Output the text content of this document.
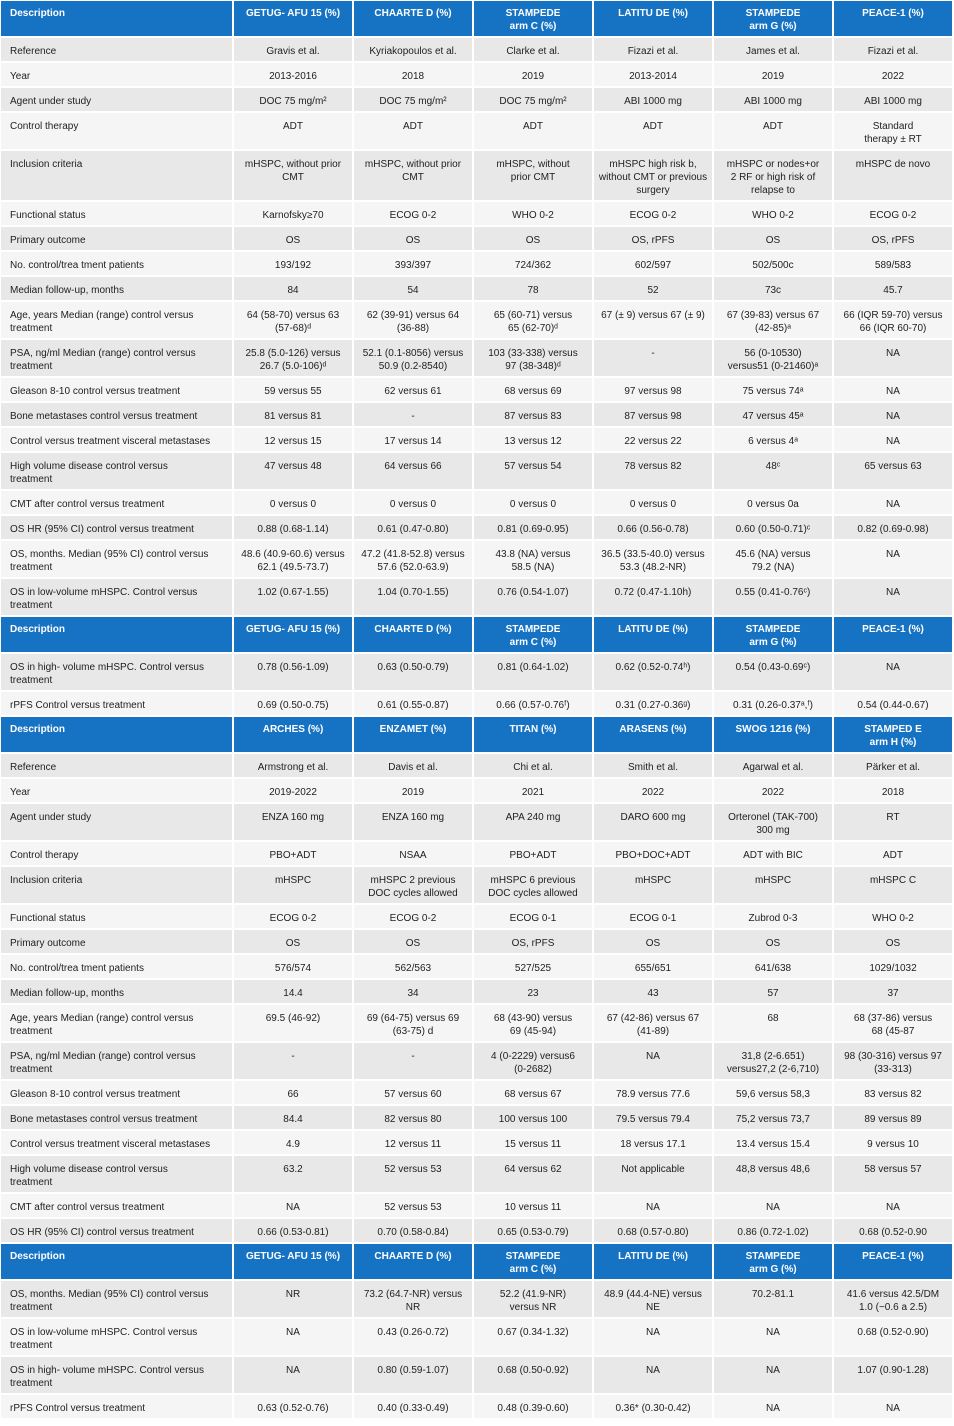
Description	GETUG- AFU 15 (%)	CHAARTE D (%)	STAMPEDE
arm C (%)	LATITU DE (%)	STAMPEDE
arm G (%)	PEACE-1 (%)
Reference	Gravis et al.	Kyriakopoulos et al.	Clarke et al.	Fizazi et al.	James et al.	Fizazi et al.
Year	2013-2016	2018	2019	2013-2014	2019	2022
Agent under study	DOC 75 mg/m²	DOC 75 mg/m²	DOC 75 mg/m²	ABI 1000 mg	ABI 1000 mg	ABI 1000 mg
Control therapy	ADT	ADT	ADT	ADT	ADT	Standard
therapy ± RT
Inclusion criteria	mHSPC, without prior
CMT	mHSPC, without prior
CMT	mHSPC, without
prior CMT	mHSPC high risk b,
without CMT or previous
surgery	mHSPC or nodes+or
2 RF or high risk of
relapse to	mHSPC de novo
Functional status	Karnofsky≥70	ECOG 0-2	WHO 0-2	ECOG 0-2	WHO 0-2	ECOG 0-2
Primary outcome	OS	OS	OS	OS, rPFS	OS	OS, rPFS
No. control/trea tment patients	193/192	393/397	724/362	602/597	502/500c	589/583
Median follow-up, months	84	54	78	52	73c	45.7
Age, years Median (range) control versus
treatment	64 (58-70) versus 63
(57-68)ᵈ	62 (39-91) versus 64
(36-88)	65 (60-71) versus
65 (62-70)ᵈ	67 (± 9) versus 67 (± 9)	67 (39-83) versus 67
(42-85)ᵃ	66 (IQR 59-70) versus
66 (IQR 60-70)
PSA, ng/ml Median (range) control versus
treatment	25.8 (5.0-126) versus
26.7 (5.0-106)ᵈ	52.1 (0.1-8056) versus
50.9 (0.2-8540)	103 (33-338) versus
97 (38-348)ᵈ	-	56 (0-10530)
versus51 (0-21460)ᵃ	NA
Gleason 8-10 control versus treatment	59 versus 55	62 versus 61	68 versus 69	97 versus 98	75 versus 74ᵃ	NA
Bone metastases control versus treatment	81 versus 81	-	87 versus 83	87 versus 98	47 versus 45ᵃ	NA
Control versus treatment visceral metastases	12 versus 15	17 versus 14	13 versus 12	22 versus 22	6 versus 4ᵃ	NA
High volume disease control versus
treatment	47 versus 48	64 versus 66	57 versus 54	78 versus 82	48ᶜ	65 versus 63
CMT after control versus treatment	0 versus 0	0 versus 0	0 versus 0	0 versus 0	0 versus 0a	NA
OS HR (95% CI) control versus treatment	0.88 (0.68-1.14)	0.61 (0.47-0.80)	0.81 (0.69-0.95)	0.66 (0.56-0.78)	0.60 (0.50-0.71)ᶜ	0.82 (0.69-0.98)
OS, months. Median (95% CI) control versus
treatment	48.6 (40.9-60.6) versus
62.1 (49.5-73.7)	47.2 (41.8-52.8) versus
57.6 (52.0-63.9)	43.8 (NA) versus
58.5 (NA)	36.5 (33.5-40.0) versus
53.3 (48.2-NR)	45.6 (NA) versus
79.2 (NA)	NA
OS in low-volume mHSPC. Control versus
treatment	1.02 (0.67-1.55)	1.04 (0.70-1.55)	0.76 (0.54-1.07)	0.72 (0.47-1.10h)	0.55 (0.41-0.76ᶜ)	NA
Description	GETUG- AFU 15 (%)	CHAARTE D (%)	STAMPEDE
arm C (%)	LATITU DE (%)	STAMPEDE
arm G (%)	PEACE-1 (%)
OS in high- volume mHSPC. Control versus
treatment	0.78 (0.56-1.09)	0.63 (0.50-0.79)	0.81 (0.64-1.02)	0.62 (0.52-0.74ʰ)	0.54 (0.43-0.69ᶜ)	NA
rPFS Control versus treatment	0.69 (0.50-0.75)	0.61 (0.55-0.87)	0.66 (0.57-0.76ᶠ)	0.31 (0.27-0.36ᵍ)	0.31 (0.26-0.37ᵃ,ᶠ)	0.54 (0.44-0.67)
Description	ARCHES (%)	ENZAMET (%)	TITAN (%)	ARASENS (%)	SWOG 1216 (%)	STAMPED E
arm H (%)
Reference	Armstrong et al.	Davis et al.	Chi et al.	Smith et al.	Agarwal et al.	Pärker et al.
Year	2019-2022	2019	2021	2022	2022	2018
Agent under study	ENZA 160 mg	ENZA 160 mg	APA 240 mg	DARO 600 mg	Orteronel (TAK-700)
300 mg	RT
Control therapy	PBO+ADT	NSAA	PBO+ADT	PBO+DOC+ADT	ADT with BIC	ADT
Inclusion criteria	mHSPC	mHSPC 2 previous
DOC cycles allowed	mHSPC 6 previous
DOC cycles allowed	mHSPC	mHSPC	mHSPC C
Functional status	ECOG 0-2	ECOG 0-2	ECOG 0-1	ECOG 0-1	Zubrod 0-3	WHO 0-2
Primary outcome	OS	OS	OS, rPFS	OS	OS	OS
No. control/trea tment patients	576/574	562/563	527/525	655/651	641/638	1029/1032
Median follow-up, months	14.4	34	23	43	57	37
Age, years Median (range) control versus
treatment	69.5 (46-92)	69 (64-75) versus 69
(63-75) d	68 (43-90) versus
69 (45-94)	67 (42-86) versus 67
(41-89)	68	68 (37-86) versus
68 (45-87
PSA, ng/ml Median (range) control versus
treatment	-	-	4 (0-2229) versus6
(0-2682)	NA	31,8 (2-6.651)
versus27,2 (2-6,710)	98 (30-316) versus 97
(33-313)
Gleason 8-10 control versus treatment	66	57 versus 60	68 versus 67	78.9 versus 77.6	59,6 versus 58,3	83 versus 82
Bone metastases control versus treatment	84.4	82 versus 80	100 versus 100	79.5 versus 79.4	75,2 versus 73,7	89 versus 89
Control versus treatment visceral metastases	4.9	12 versus 11	15 versus 11	18 versus 17.1	13.4 versus 15.4	9 versus 10
High volume disease control versus
treatment	63.2	52 versus 53	64 versus 62	Not applicable	48,8 versus 48,6	58 versus 57
CMT after control versus treatment	NA	52 versus 53	10 versus 11	NA	NA	NA
OS HR (95% CI) control versus treatment	0.66 (0.53-0.81)	0.70 (0.58-0.84)	0.65 (0.53-0.79)	0.68 (0.57-0.80)	0.86 (0.72-1.02)	0.68 (0.52-0.90
Description	GETUG- AFU 15 (%)	CHAARTE D (%)	STAMPEDE
arm C (%)	LATITU DE (%)	STAMPEDE
arm G (%)	PEACE-1 (%)
OS, months. Median (95% CI) control versus
treatment	NR	73.2 (64.7-NR) versus
NR	52.2 (41.9-NR)
versus NR	48.9 (44.4-NE) versus NE	70.2-81.1	41.6 versus 42.5/DM
1.0 (−0.6 a 2.5)
OS in low-volume mHSPC. Control versus
treatment	NA	0.43 (0.26-0.72)	0.67 (0.34-1.32)	NA	NA	0.68 (0.52-0.90)
OS in high- volume mHSPC. Control versus
treatment	NA	0.80 (0.59-1.07)	0.68 (0.50-0.92)	NA	NA	1.07 (0.90-1.28)
rPFS Control versus treatment	0.63 (0.52-0.76)	0.40 (0.33-0.49)	0.48 (0.39-0.60)	0.36* (0.30-0.42)	NA	NA
